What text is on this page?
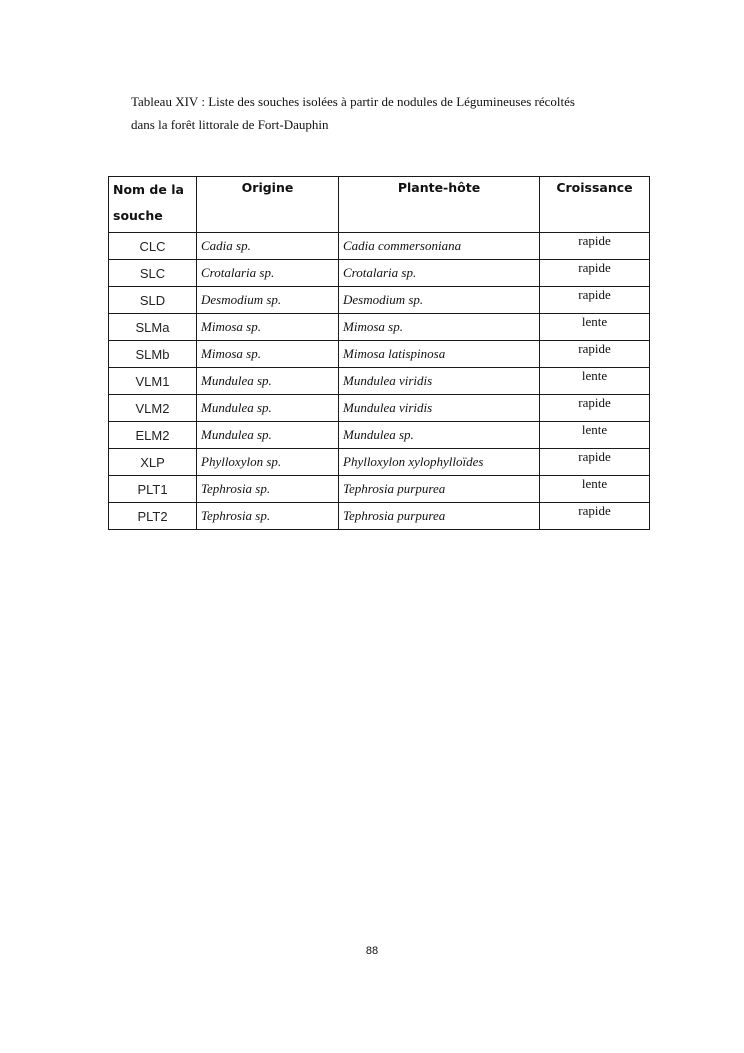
Tableau XIV : Liste des souches isolées à partir de nodules de Légumineuses récoltés
dans la forêt littorale de Fort-Dauphin
Nom de la
souche	Origine	Plante-hôte	Croissance
CLC	Cadia sp.	Cadia commersoniana	rapide
SLC	Crotalaria sp.	Crotalaria sp.	rapide
SLD	Desmodium sp.	Desmodium sp.	rapide
SLMa	Mimosa sp.	Mimosa sp.	lente
SLMb	Mimosa sp.	Mimosa latispinosa	rapide
VLM1	Mundulea sp.	Mundulea viridis	lente
VLM2	Mundulea sp.	Mundulea viridis	rapide
ELM2	Mundulea sp.	Mundulea sp.	lente
XLP	Phylloxylon sp.	Phylloxylon xylophylloïdes	rapide
PLT1	Tephrosia sp.	Tephrosia purpurea	lente
PLT2	Tephrosia sp.	Tephrosia purpurea	rapide
88
